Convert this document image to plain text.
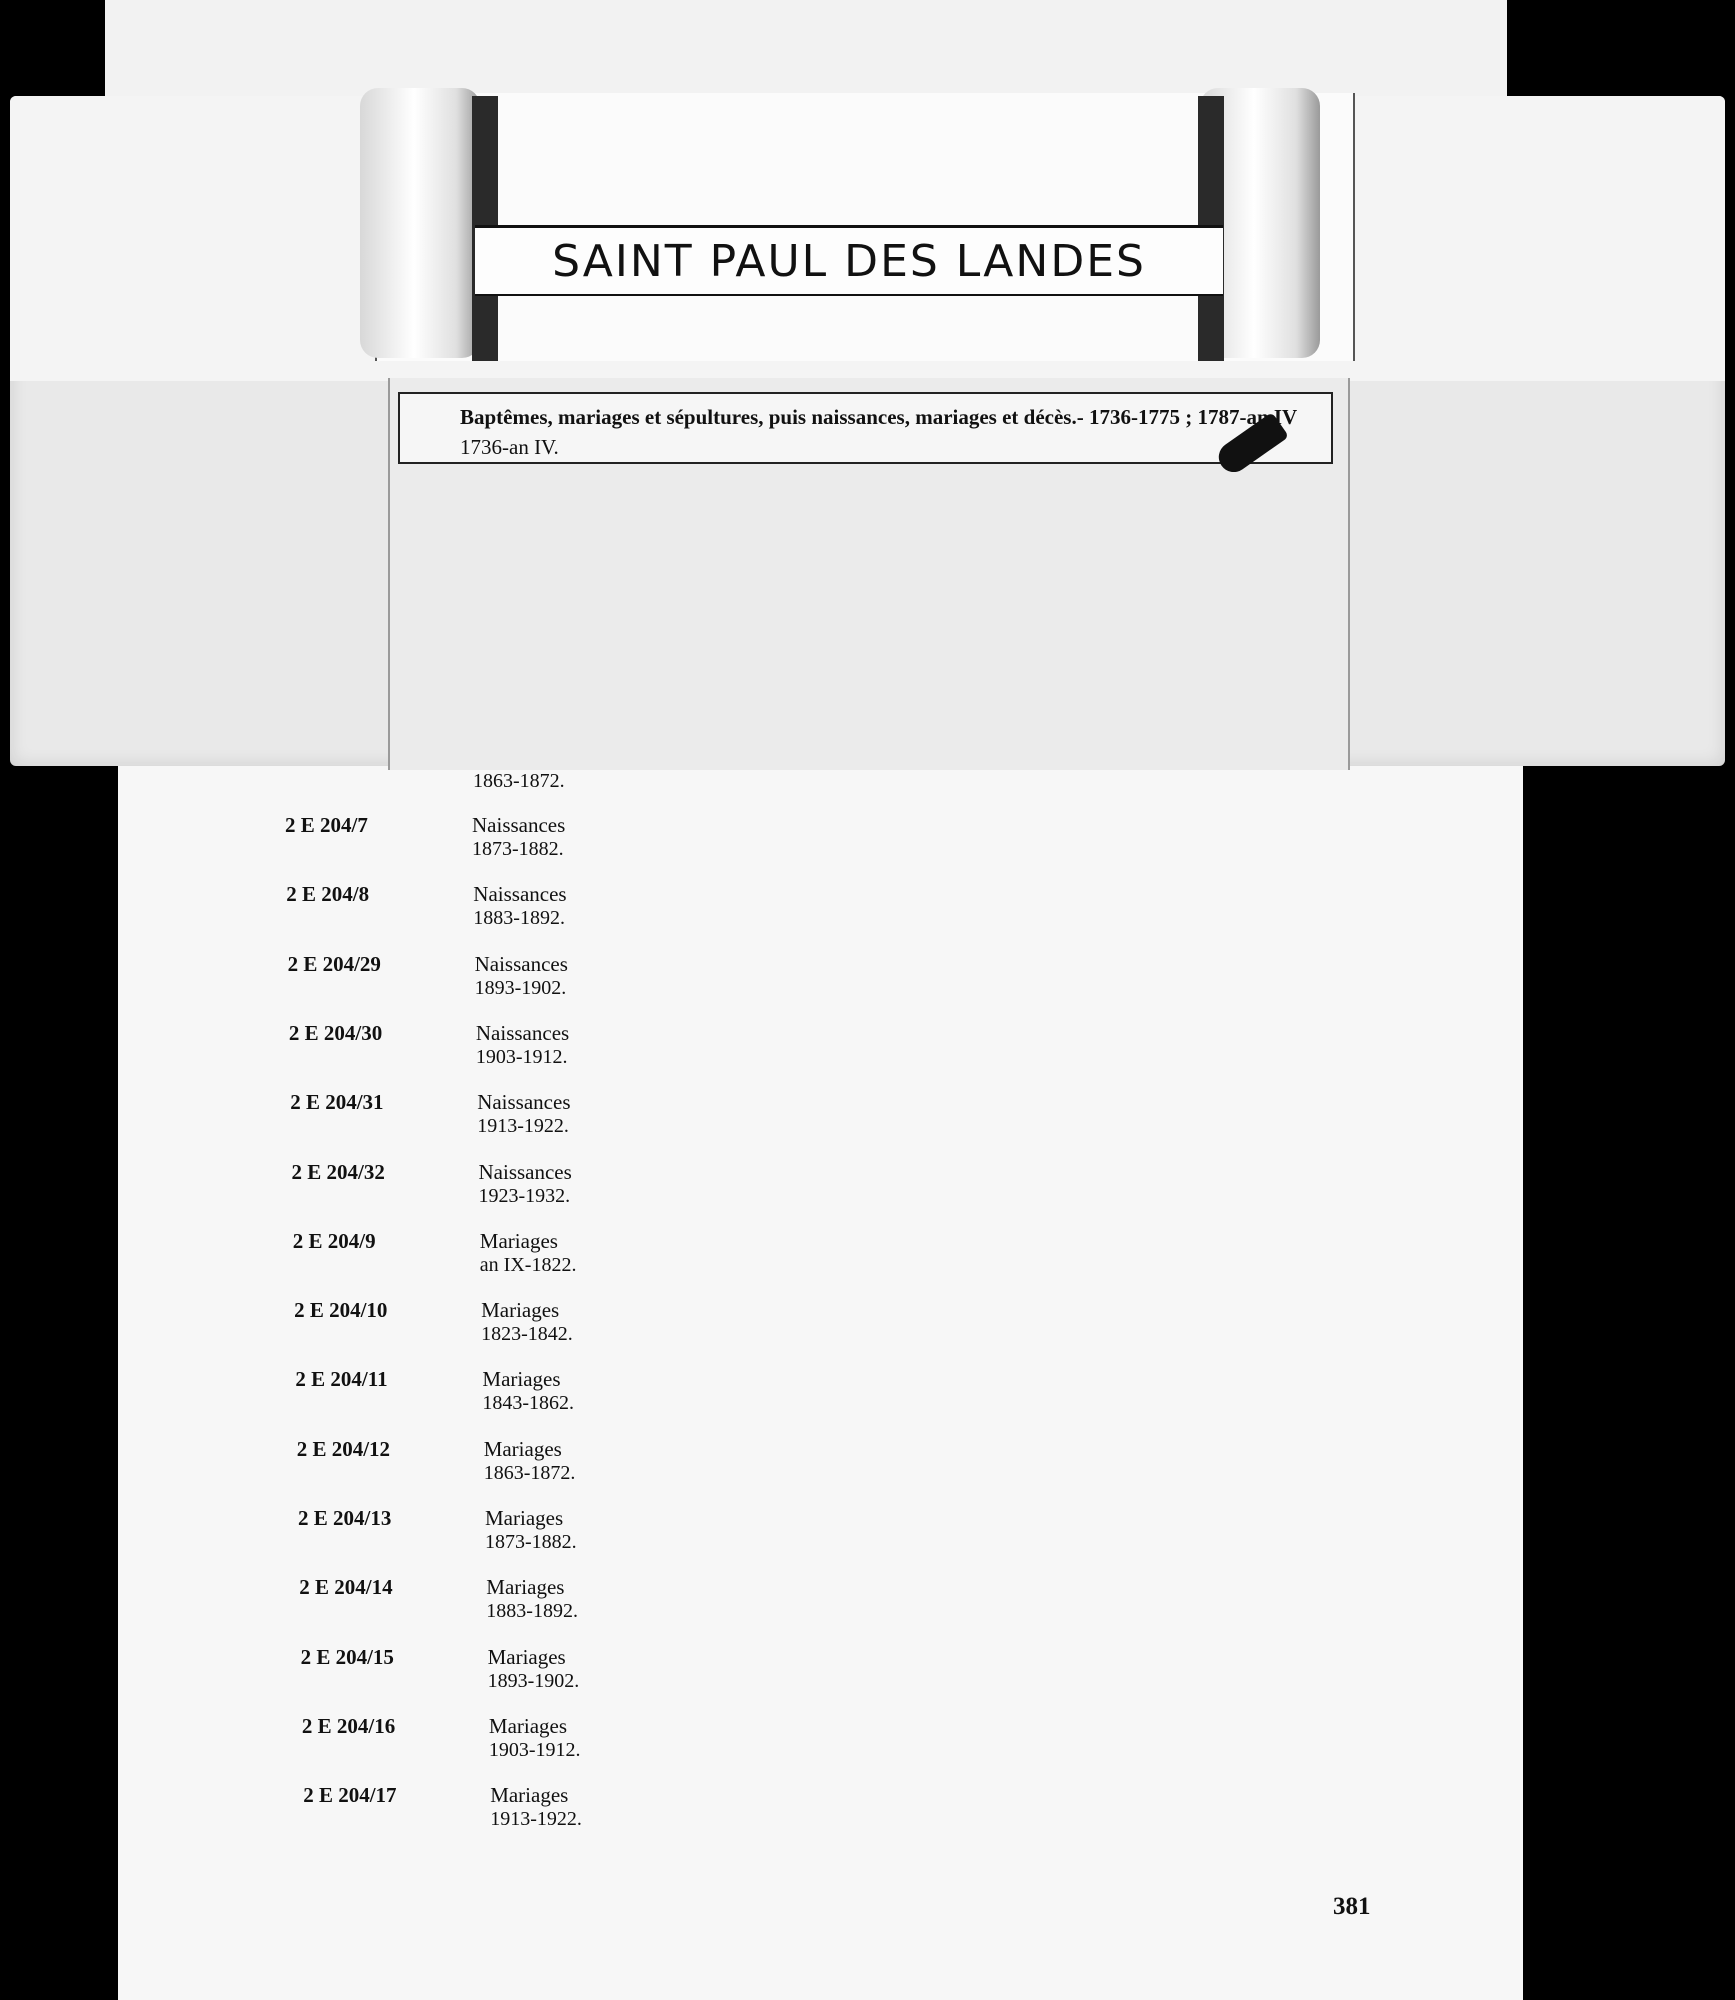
1863-1872.
2 E 204/7	Naissances
1873-1882.
2 E 204/8	Naissances
1883-1892.
2 E 204/29	Naissances
1893-1902.
2 E 204/30	Naissances
1903-1912.
2 E 204/31	Naissances
1913-1922.
2 E 204/32	Naissances
1923-1932.
2 E 204/9	Mariages
an IX-1822.
2 E 204/10	Mariages
1823-1842.
2 E 204/11	Mariages
1843-1862.
2 E 204/12	Mariages
1863-1872.
2 E 204/13	Mariages
1873-1882.
2 E 204/14	Mariages
1883-1892.
2 E 204/15	Mariages
1893-1902.
2 E 204/16	Mariages
1903-1912.
2 E 204/17	Mariages
1913-1922.
381
SAINT PAUL DES LANDES
Baptêmes, mariages et sépultures, puis naissances, mariages et décès.- 1736-1775 ; 1787-an IV
1736-an IV.
